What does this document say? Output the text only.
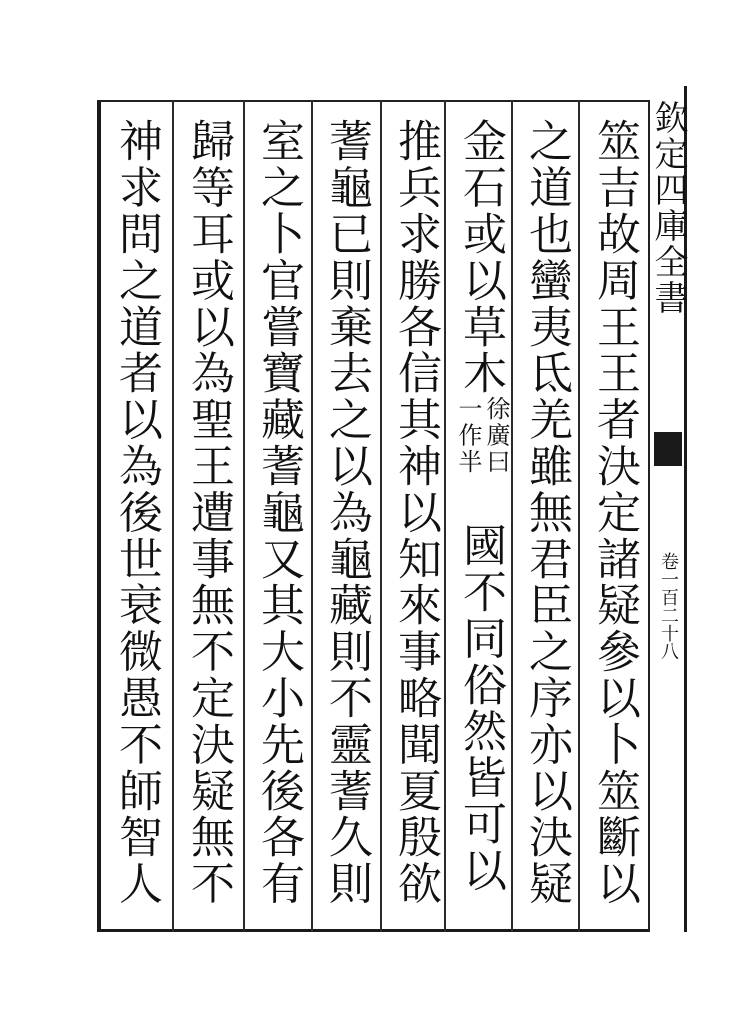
欽定四庫全書
卷一百二十八
筮吉故周王王者決定諸疑參以卜筮斷以
之道也蠻夷氐羌雖無君臣之序亦以決疑
金石或以草木
徐廣曰
一作半
國不同俗然皆可以
推兵求勝各信其神以知來事略聞夏殷欲
蓍龜已則棄去之以為龜藏則不靈蓍久則
室之卜官嘗寶藏蓍龜又其大小先後各有
歸等耳或以為聖王遭事無不定決疑無不
神求問之道者以為後世衰微愚不師智人
